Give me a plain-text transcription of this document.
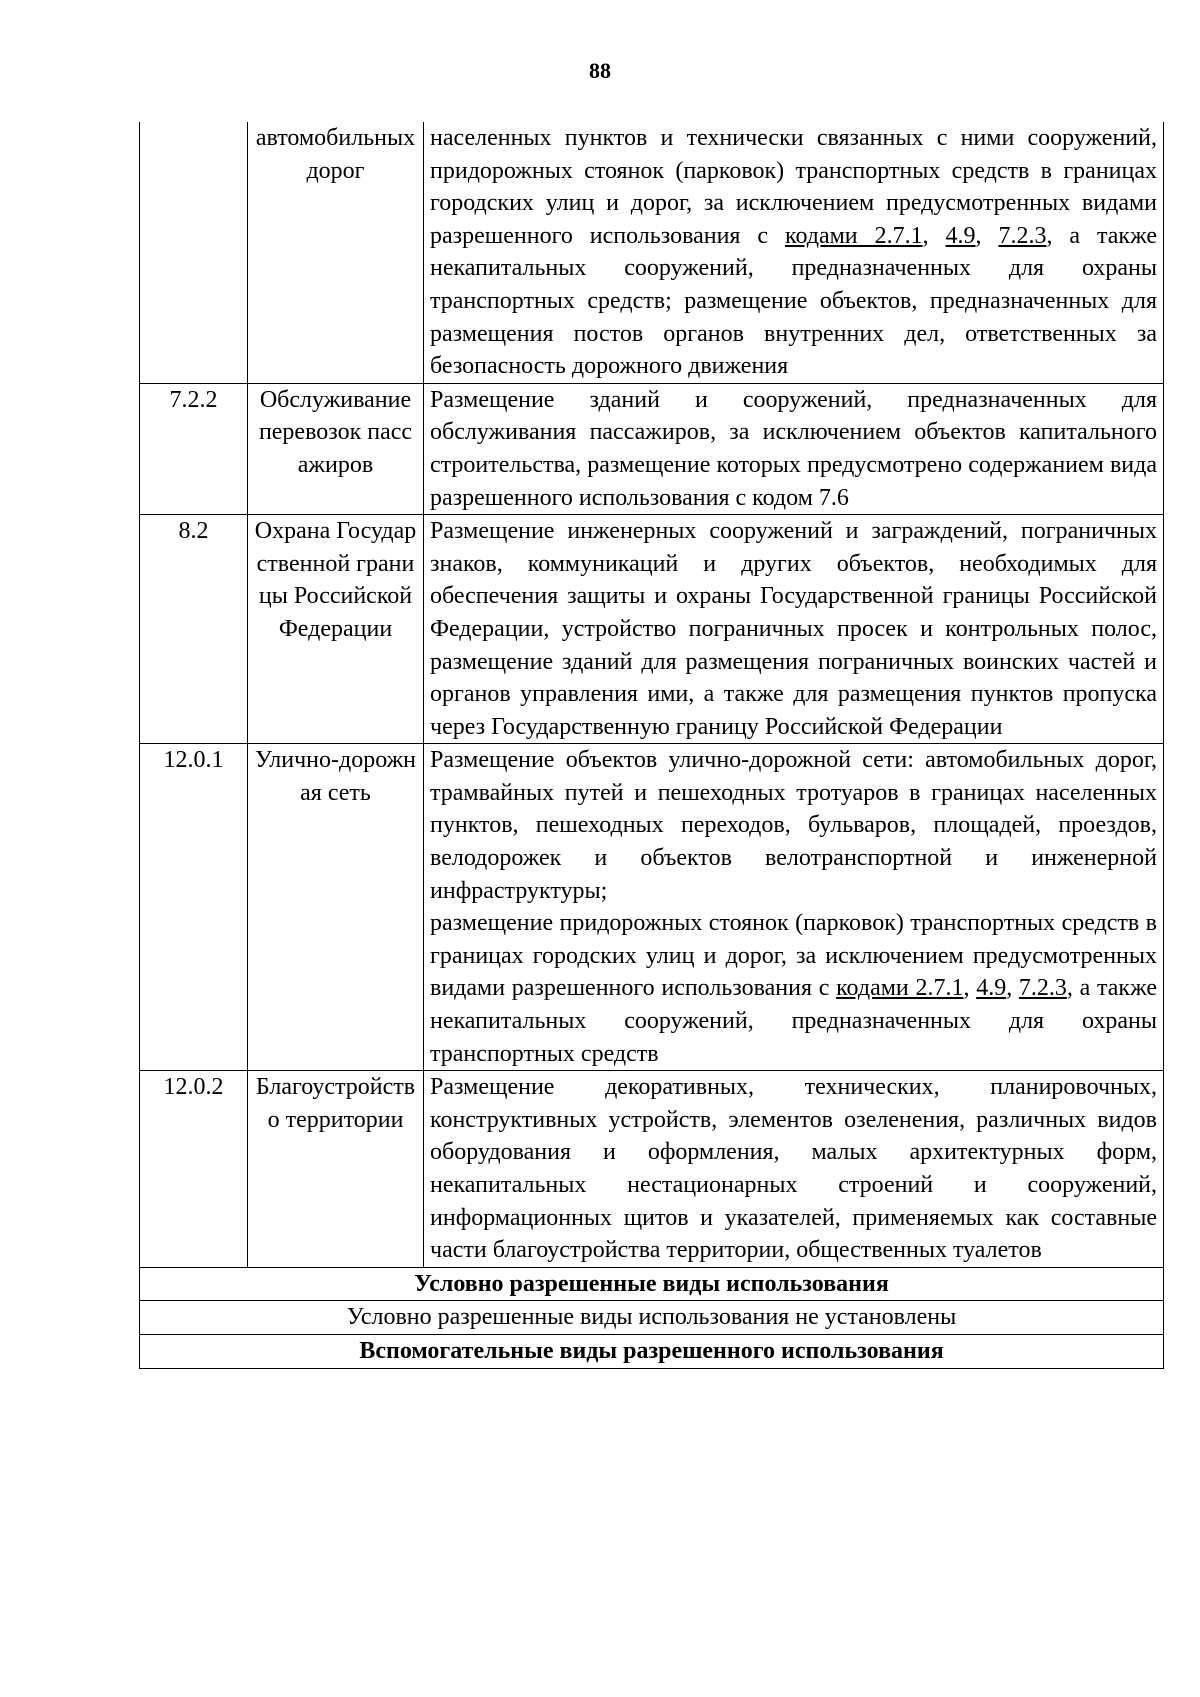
88
	автомобильных дорог	населенных пунктов и технически связанных с ними сооружений, придорожных стоянок (парковок) транспортных средств в границах городских улиц и дорог, за исключением предусмотренных видами разрешенного использования с кодами 2.7.1, 4.9, 7.2.3, а также некапитальных сооружений, предназначенных для охраны транспортных средств; размещение объектов, предназначенных для размещения постов органов внутренних дел, ответственных за безопасность дорожного движения

7.2.2	Обслуживание перевозок пассажиров	Размещение зданий и сооружений, предназначенных для обслуживания пассажиров, за исключением объектов капитального строительства, размещение которых предусмотрено содержанием вида разрешенного использования с кодом 7.6

8.2	Охрана Государственной границы Российской Федерации	Размещение инженерных сооружений и заграждений, пограничных знаков, коммуникаций и других объектов, необходимых для обеспечения защиты и охраны Государственной границы Российской Федерации, устройство пограничных просек и контрольных полос, размещение зданий для размещения пограничных воинских частей и органов управления ими, а также для размещения пунктов пропуска через Государственную границу Российской Федерации

12.0.1	Улично-дорожная сеть	Размещение объектов улично-дорожной сети: автомобильных дорог, трамвайных путей и пешеходных тротуаров в границах населенных пунктов, пешеходных переходов, бульваров, площадей, проездов, велодорожек и объектов велотранспортной и инженерной инфраструктуры;
размещение придорожных стоянок (парковок) транспортных средств в границах городских улиц и дорог, за исключением предусмотренных видами разрешенного использования с кодами 2.7.1, 4.9, 7.2.3, а также некапитальных сооружений, предназначенных для охраны транспортных средств

12.0.2	Благоустройство территории	Размещение декоративных, технических, планировочных, конструктивных устройств, элементов озеленения, различных видов оборудования и оформления, малых архитектурных форм, некапитальных нестационарных строений и сооружений, информационных щитов и указателей, применяемых как составные части благоустройства территории, общественных туалетов

Условно разрешенные виды использования		
Условно разрешенные виды использования не установлены		
Вспомогательные виды разрешенного использования		
